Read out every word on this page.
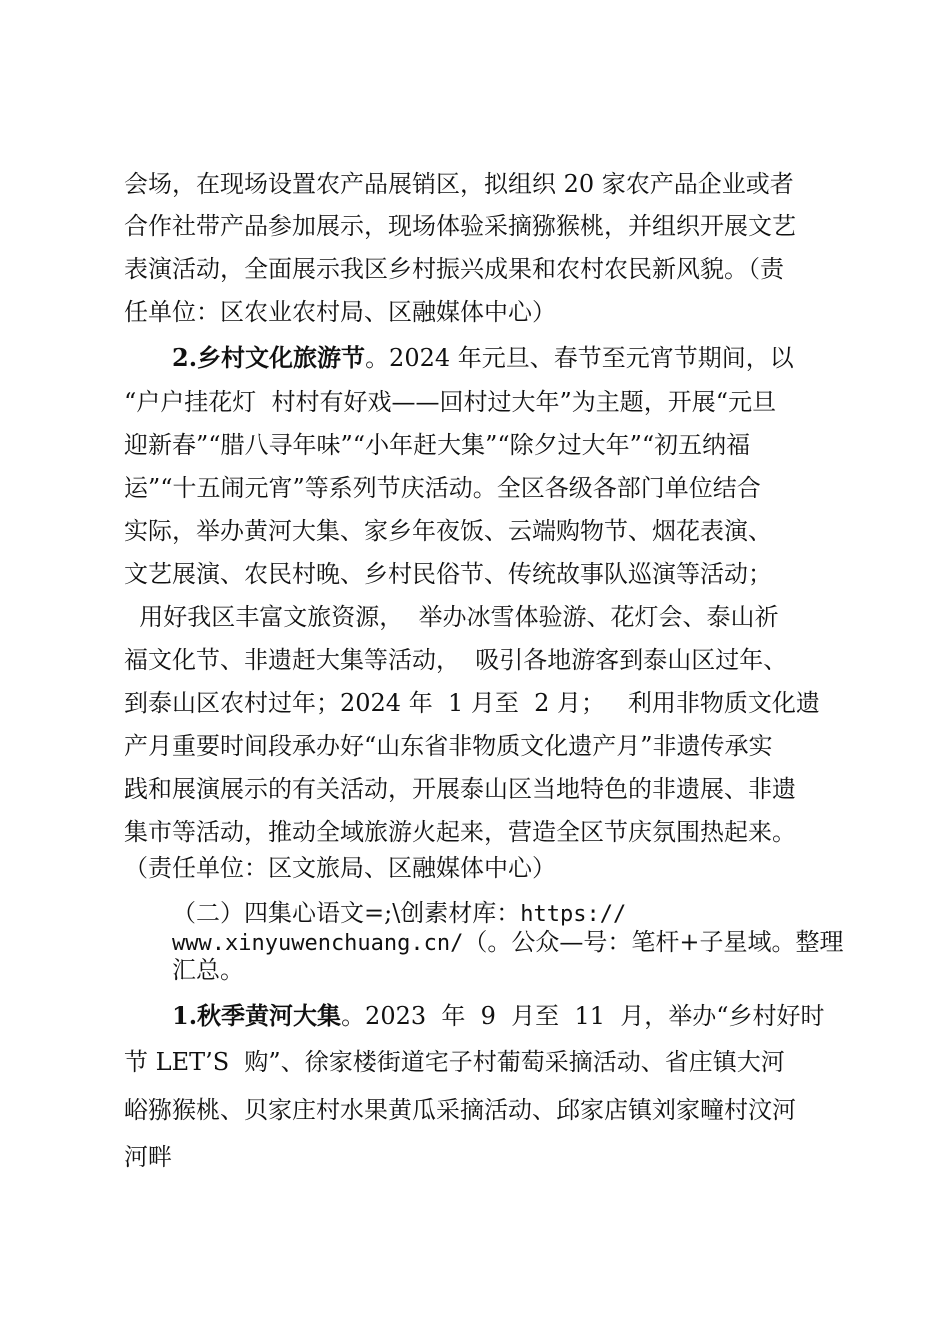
会场，在现场设置农产品展销区，拟组织 20 家农产品企业或者
合作社带产品参加展示，现场体验采摘猕猴桃，并组织开展文艺
表演活动，全面展示我区乡村振兴成果和农村农民新风貌。（责
任单位：区农业农村局、区融媒体中心）
2.乡村文化旅游节。2024 年元旦、春节至元宵节期间，以
“户户挂花灯  村村有好戏——回村过大年”为主题，开展“元旦
迎新春”“腊八寻年味”“小年赶大集”“除夕过大年”“初五纳福
运”“十五闹元宵”等系列节庆活动。全区各级各部门单位结合
实际，举办黄河大集、家乡年夜饭、云端购物节、烟花表演、
文艺展演、农民村晚、乡村民俗节、传统故事队巡演等活动；
用好我区丰富文旅资源，  举办冰雪体验游、花灯会、泰山祈
福文化节、非遗赶大集等活动，  吸引各地游客到泰山区过年、
到泰山区农村过年；2024 年  1 月至  2 月；   利用非物质文化遗
产月重要时间段承办好“山东省非物质文化遗产月”非遗传承实
践和展演展示的有关活动，开展泰山区当地特色的非遗展、非遗
集市等活动，推动全域旅游火起来，营造全区节庆氛围热起来。
（责任单位：区文旅局、区融媒体中心）
（二）四集心语文=;\创素材库：https://
www.xinyuwenchuang.cn/（。公众—号：笔杆+子星域。整理
汇总。
1.秋季黄河大集。2023  年  9  月至  11  月，举办“乡村好时
节 LET’S  购”、徐家楼街道宅子村葡萄采摘活动、省庄镇大河
峪猕猴桃、贝家庄村水果黄瓜采摘活动、邱家店镇刘家疃村汶河
河畔
